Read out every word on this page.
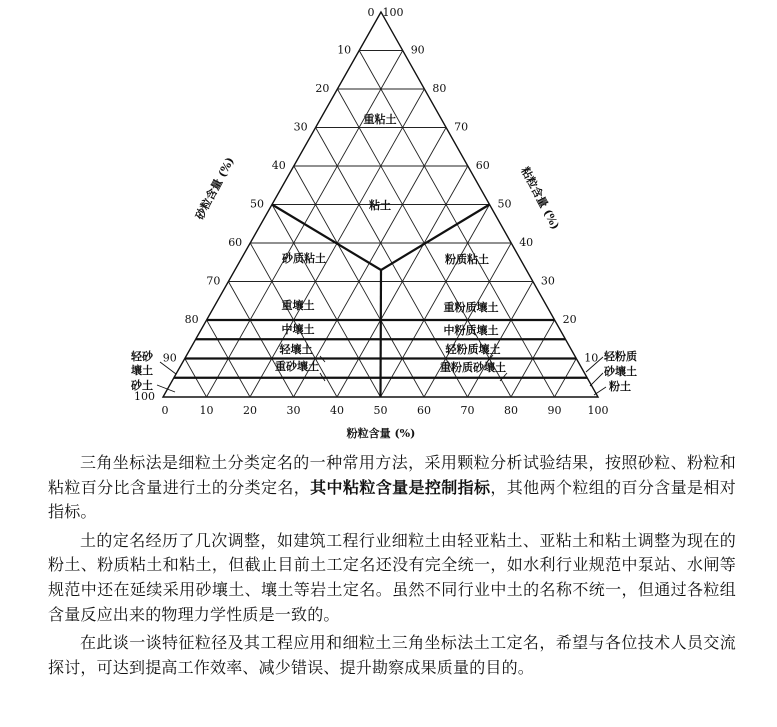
10
20
30
40
50
60
70
80
90
100
90
80
70
60
50
40
30
20
10
10	20	30	40	50	60	70	80	90 100
0 100
0
砂粒含量 (%)	粘粒含量 (%)
粉粒含量 (%)
重粘土
粘土
砂质粘土	粉质粘土
重壤土	重粉质壤土
中壤土	中粉质壤土
轻壤土	轻粉质壤土
重砂壤土	重粉质砂壤土
轻砂
壤土
砂土
轻粉质
砂壤土
粉土

三角坐标法是细粒土分类定名的一种常用方法，采用颗粒分析试验结果，按照砂粒、粉粒和粘粒百分比含量进行土的分类定名，其中粘粒含量是控制指标，其他两个粒组的百分含量是相对指标。

土的定名经历了几次调整，如建筑工程行业细粒土由轻亚粘土、亚粘土和粘土调整为现在的粉土、粉质粘土和粘土，但截止目前土工定名还没有完全统一，如水利行业规范中泵站、水闸等规范中还在延续采用砂壤土、壤土等岩土定名。虽然不同行业中土的名称不统一，但通过各粒组含量反应出来的物理力学性质是一致的。

在此谈一谈特征粒径及其工程应用和细粒土三角坐标法土工定名，希望与各位技术人员交流探讨，可达到提高工作效率、减少错误、提升勘察成果质量的目的。
